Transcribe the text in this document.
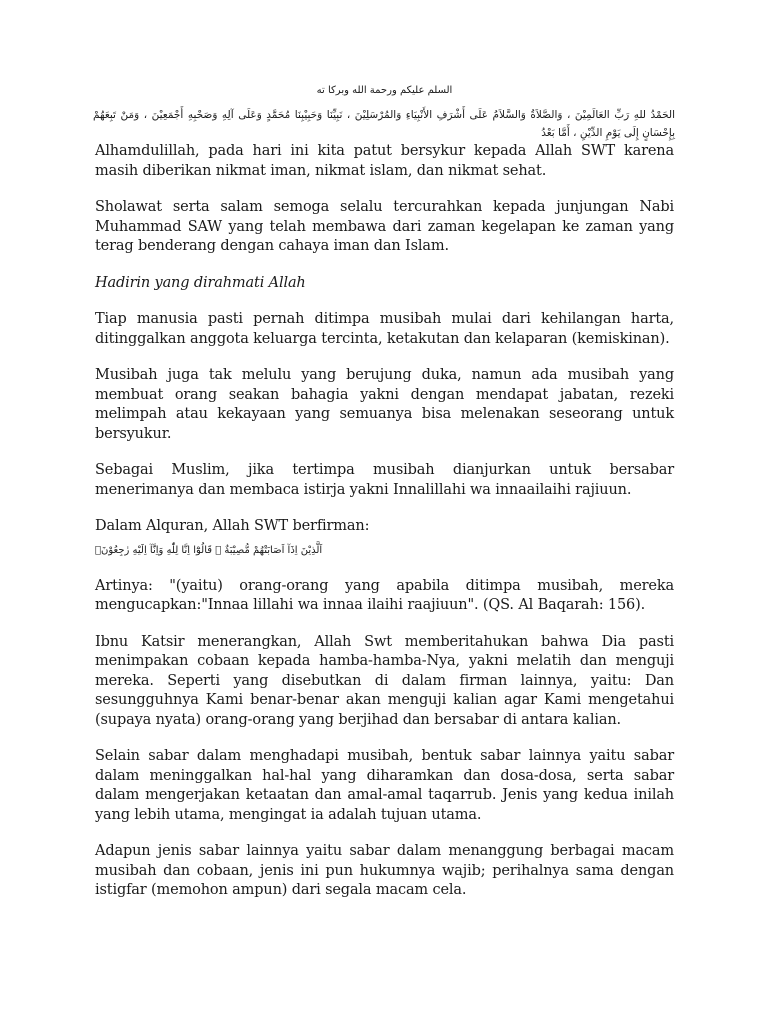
السلم عليكم ورحمة الله وبركا ته

الحَمْدُ للهِ رَبِّ العَالَمِيْنَ ، وَالصَّلاَةُ وَالسَّلاَمُ عَلَى أَشْرَفِ الأَنْبِيَاءِ وَالمُرْسَلِيْنَ ، نَبِيِّنَا وَحَبِيْبِنَا مُحَمَّدٍ وَعَلَى آلِهِ وَصَحْبِهِ أَجْمَعِيْنَ ، وَمَنْ تَبِعَهُمْ بِإِحْسَانٍ إِلَى يَوْمِ الدِّيْنِ ، أَمَّا بَعْدُ

Alhamdulillah, pada hari ini kita patut bersykur kepada Allah SWT karena masih diberikan nikmat iman, nikmat islam, dan nikmat sehat.

Sholawat serta salam semoga selalu tercurahkan kepada junjungan Nabi Muhammad SAW yang telah membawa dari zaman kegelapan ke zaman yang terag benderang dengan cahaya iman dan Islam.

Hadirin yang dirahmati Allah

Tiap manusia pasti pernah ditimpa musibah mulai dari kehilangan harta, ditinggalkan anggota keluarga tercinta, ketakutan dan kelaparan (kemiskinan).

Musibah juga tak melulu yang berujung duka, namun ada musibah yang membuat orang seakan bahagia yakni dengan mendapat jabatan, rezeki melimpah atau kekayaan yang semuanya bisa melenakan seseorang untuk bersyukur.

Sebagai Muslim, jika tertimpa musibah dianjurkan untuk bersabar menerimanya dan membaca istirja yakni Innalillahi wa innaailaihi rajiuun.

Dalam Alquran, Allah SWT berfirman:

اَلَّذِيْنَ اِذَآ اَصَابَتْهُمْ مُّصِيْبَةٌ ۗ قَالُوْٓا اِنَّا لِلّٰهِ وَاِنَّآ اِلَيْهِ رٰجِعُوْنَۗ

Artinya: "(yaitu) orang-orang yang apabila ditimpa musibah, mereka mengucapkan:"Innaa lillahi wa innaa ilaihi raajiuun". (QS. Al Baqarah: 156).

Ibnu Katsir menerangkan, Allah Swt memberitahukan bahwa Dia pasti menimpakan cobaan kepada hamba-hamba-Nya, yakni melatih dan menguji mereka. Seperti yang disebutkan di dalam firman lainnya, yaitu: Dan sesungguhnya Kami benar-benar akan menguji kalian agar Kami mengetahui (supaya nyata) orang-orang yang berjihad dan bersabar di antara kalian.

Selain sabar dalam menghadapi musibah, bentuk sabar lainnya yaitu sabar dalam meninggalkan hal-hal yang diharamkan dan dosa-dosa, serta sabar dalam mengerjakan ketaatan dan amal-amal taqarrub. Jenis yang kedua inilah yang lebih utama, mengingat ia adalah tujuan utama.

Adapun jenis sabar lainnya yaitu sabar dalam menanggung berbagai macam musibah dan cobaan, jenis ini pun hukumnya wajib; perihalnya sama dengan istigfar (memohon ampun) dari segala macam cela.
